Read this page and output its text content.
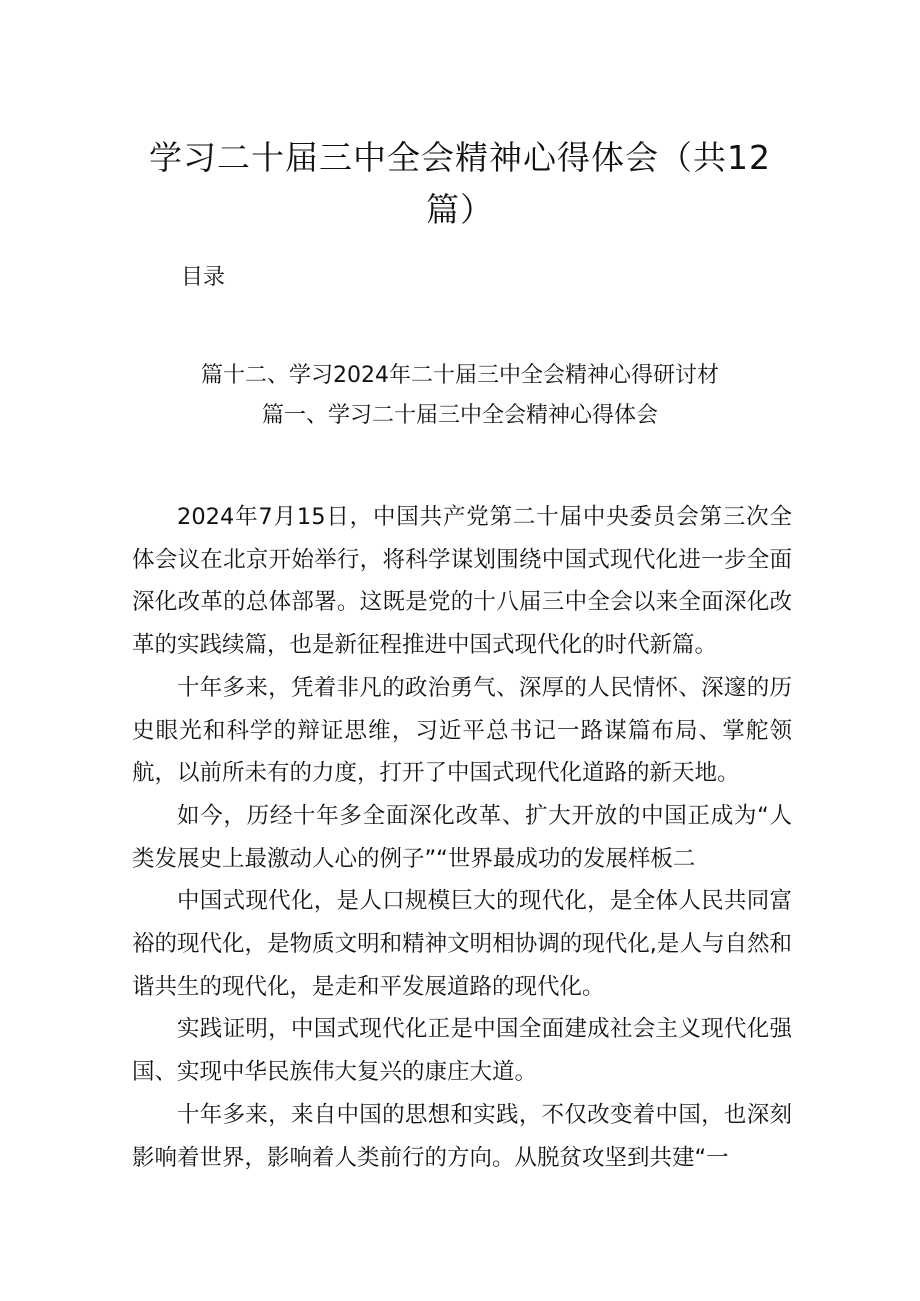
学习二十届三中全会精神心得体会（共12
篇）
目录
篇十二、学习2024年二十届三中全会精神心得研讨材
篇一、学习二十届三中全会精神心得体会

2024年7月15日，中国共产党第二十届中央委员会第三次全体会议在北京开始举行，将科学谋划围绕中国式现代化进一步全面深化改革的总体部署。这既是党的十八届三中全会以来全面深化改革的实践续篇，也是新征程推进中国式现代化的时代新篇。

十年多来，凭着非凡的政治勇气、深厚的人民情怀、深邃的历史眼光和科学的辩证思维，习近平总书记一路谋篇布局、掌舵领航，以前所未有的力度，打开了中国式现代化道路的新天地。

如今，历经十年多全面深化改革、扩大开放的中国正成为“人类发展史上最激动人心的例子”“世界最成功的发展样板二

中国式现代化，是人口规模巨大的现代化，是全体人民共同富裕的现代化，是物质文明和精神文明相协调的现代化,是人与自然和谐共生的现代化，是走和平发展道路的现代化。

实践证明，中国式现代化正是中国全面建成社会主义现代化强国、实现中华民族伟大复兴的康庄大道。

十年多来，来自中国的思想和实践，不仅改变着中国，也深刻影响着世界，影响着人类前行的方向。从脱贫攻坚到共建“一
